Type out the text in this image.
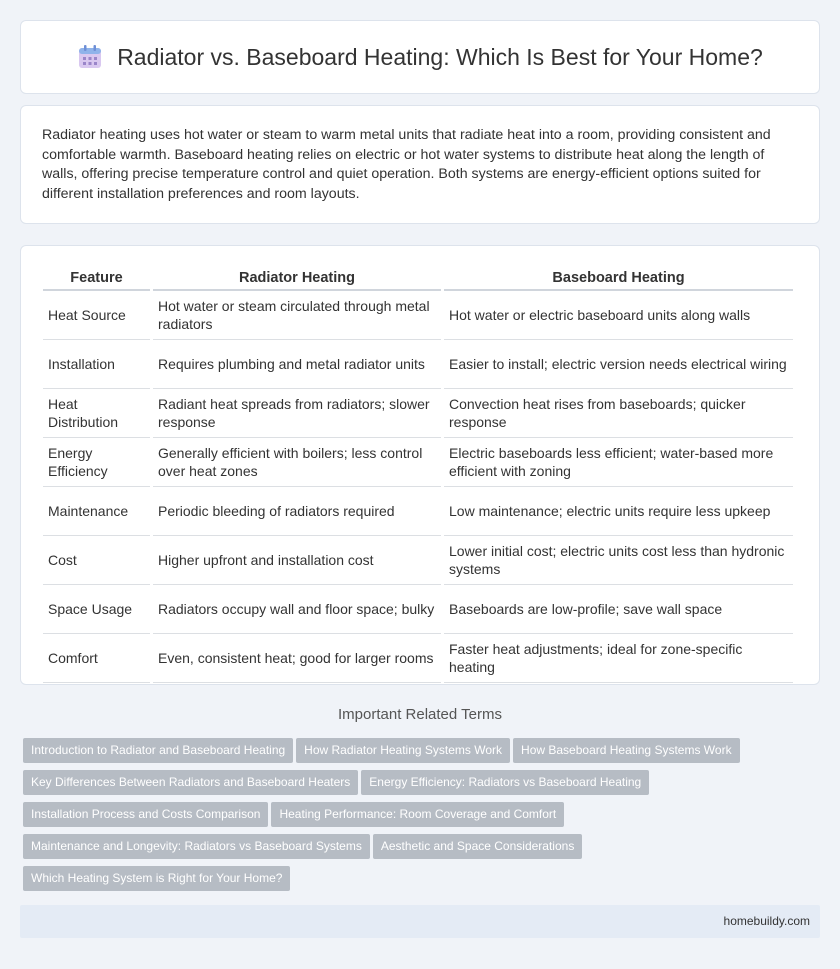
Radiator vs. Baseboard Heating: Which Is Best for Your Home?

Radiator heating uses hot water or steam to warm metal units that radiate heat into a room, providing consistent and comfortable warmth. Baseboard heating relies on electric or hot water systems to distribute heat along the length of walls, offering precise temperature control and quiet operation. Both systems are energy-efficient options suited for different installation preferences and room layouts.

Feature	Radiator Heating	Baseboard Heating
Heat Source	Hot water or steam circulated through metal radiators	Hot water or electric baseboard units along walls
Installation	Requires plumbing and metal radiator units	Easier to install; electric version needs electrical wiring
Heat Distribution	Radiant heat spreads from radiators; slower response	Convection heat rises from baseboards; quicker response
Energy Efficiency	Generally efficient with boilers; less control over heat zones	Electric baseboards less efficient; water-based more efficient with zoning
Maintenance	Periodic bleeding of radiators required	Low maintenance; electric units require less upkeep
Cost	Higher upfront and installation cost	Lower initial cost; electric units cost less than hydronic systems
Space Usage	Radiators occupy wall and floor space; bulky	Baseboards are low-profile; save wall space
Comfort	Even, consistent heat; good for larger rooms	Faster heat adjustments; ideal for zone-specific heating
Important Related Terms
Introduction to Radiator and Baseboard Heating How Radiator Heating Systems Work How Baseboard Heating Systems Work
Key Differences Between Radiators and Baseboard Heaters Energy Efficiency: Radiators vs Baseboard Heating
Installation Process and Costs Comparison Heating Performance: Room Coverage and Comfort
Maintenance and Longevity: Radiators vs Baseboard Systems Aesthetic and Space Considerations
Which Heating System is Right for Your Home?
homebuildy.com
